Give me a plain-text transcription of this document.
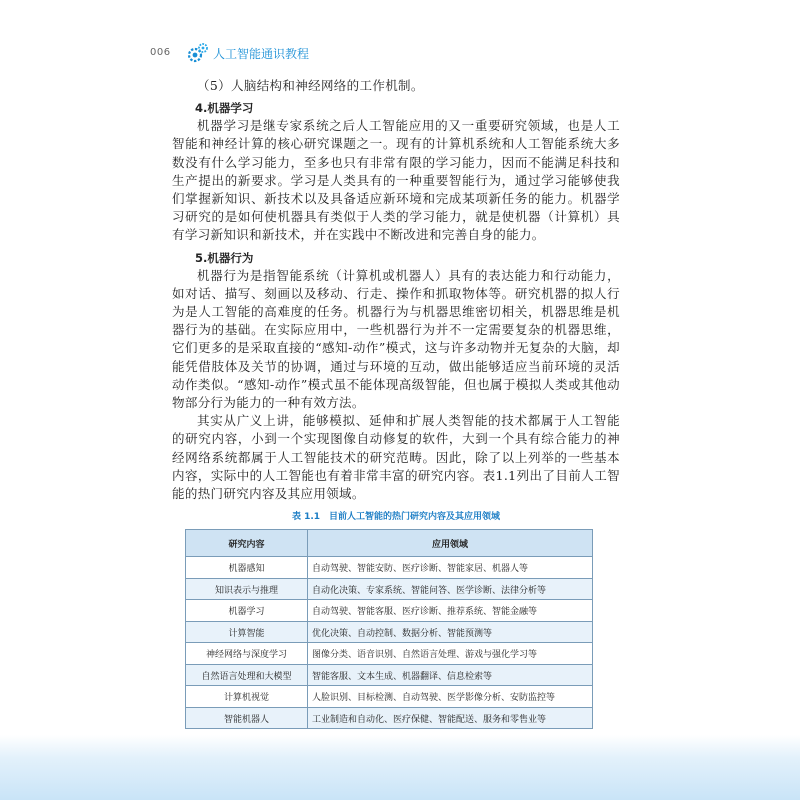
006	人工智能通识教程

（5）人脑结构和神经网络的工作机制。

4.机器学习

机器学习是继专家系统之后人工智能应用的又一重要研究领域，也是人工智能和神经计算的核心研究课题之一。现有的计算机系统和人工智能系统大多数没有什么学习能力，至多也只有非常有限的学习能力，因而不能满足科技和生产提出的新要求。学习是人类具有的一种重要智能行为，通过学习能够使我们掌握新知识、新技术以及具备适应新环境和完成某项新任务的能力。机器学习研究的是如何使机器具有类似于人类的学习能力，就是使机器（计算机）具有学习新知识和新技术，并在实践中不断改进和完善自身的能力。

5.机器行为

机器行为是指智能系统（计算机或机器人）具有的表达能力和行动能力，如对话、描写、刻画以及移动、行走、操作和抓取物体等。研究机器的拟人行为是人工智能的高难度的任务。机器行为与机器思维密切相关，机器思维是机器行为的基础。在实际应用中，一些机器行为并不一定需要复杂的机器思维，它们更多的是采取直接的“感知-动作”模式，这与许多动物并无复杂的大脑，却能凭借肢体及关节的协调，通过与环境的互动，做出能够适应当前环境的灵活动作类似。“感知-动作”模式虽不能体现高级智能，但也属于模拟人类或其他动物部分行为能力的一种有效方法。

其实从广义上讲，能够模拟、延伸和扩展人类智能的技术都属于人工智能的研究内容，小到一个实现图像自动修复的软件，大到一个具有综合能力的神经网络系统都属于人工智能技术的研究范畴。因此，除了以上列举的一些基本内容，实际中的人工智能也有着非常丰富的研究内容。表1.1列出了目前人工智能的热门研究内容及其应用领域。

表 1.1　目前人工智能的热门研究内容及其应用领域
研究内容	应用领域
机器感知	自动驾驶、智能安防、医疗诊断、智能家居、机器人等
知识表示与推理	自动化决策、专家系统、智能问答、医学诊断、法律分析等
机器学习	自动驾驶、智能客服、医疗诊断、推荐系统、智能金融等
计算智能	优化决策、自动控制、数据分析、智能预测等
神经网络与深度学习	图像分类、语音识别、自然语言处理、游戏与强化学习等
自然语言处理和大模型	智能客服、文本生成、机器翻译、信息检索等
计算机视觉	人脸识别、目标检测、自动驾驶、医学影像分析、安防监控等
智能机器人	工业制造和自动化、医疗保健、智能配送、服务和零售业等
